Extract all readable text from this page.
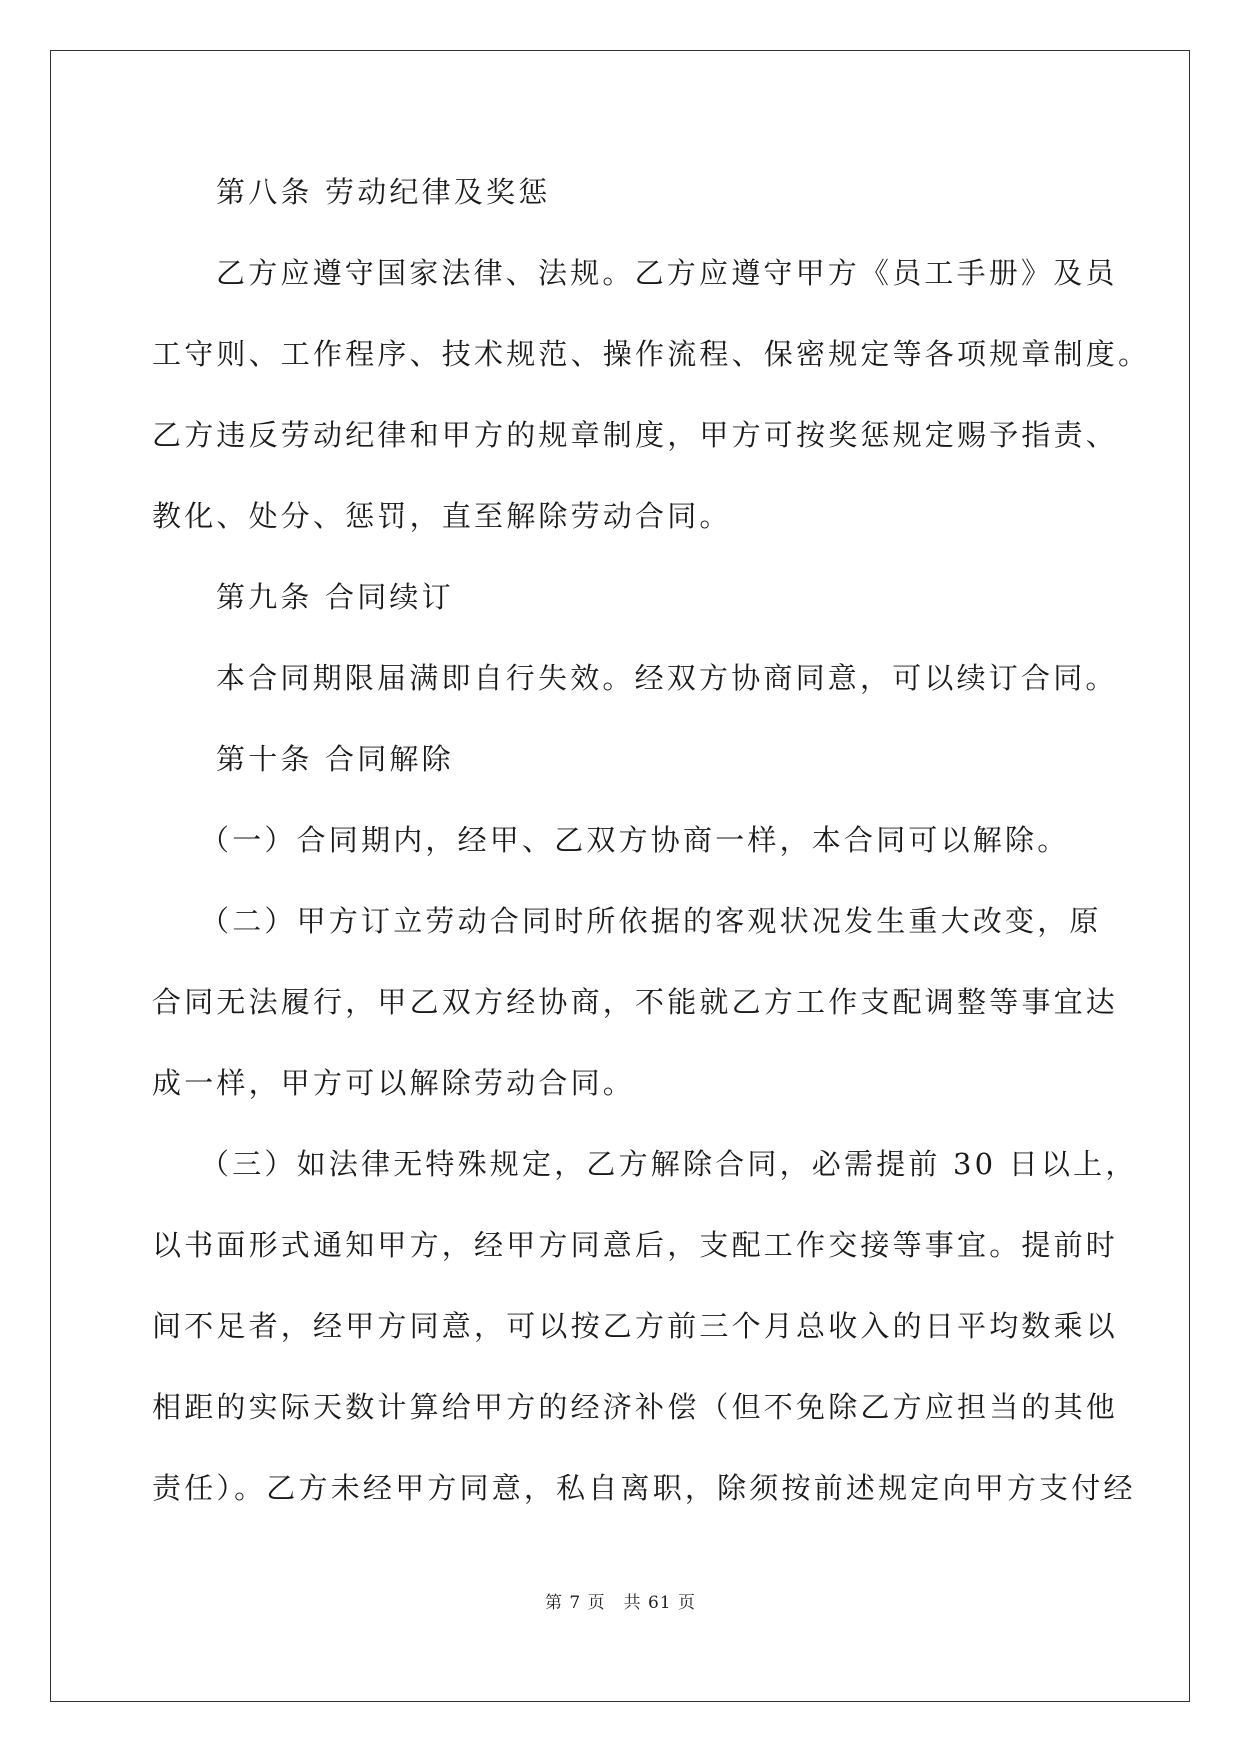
第八条 劳动纪律及奖惩
乙方应遵守国家法律、法规。乙方应遵守甲方《员工手册》及员
工守则、工作程序、技术规范、操作流程、保密规定等各项规章制度。
乙方违反劳动纪律和甲方的规章制度，甲方可按奖惩规定赐予指责、
教化、处分、惩罚，直至解除劳动合同。
第九条 合同续订
本合同期限届满即自行失效。经双方协商同意，可以续订合同。
第十条 合同解除
（一）合同期内，经甲、乙双方协商一样，本合同可以解除。
（二）甲方订立劳动合同时所依据的客观状况发生重大改变，原
合同无法履行，甲乙双方经协商，不能就乙方工作支配调整等事宜达
成一样，甲方可以解除劳动合同。
（三）如法律无特殊规定，乙方解除合同，必需提前 30 日以上，
以书面形式通知甲方，经甲方同意后，支配工作交接等事宜。提前时
间不足者，经甲方同意，可以按乙方前三个月总收入的日平均数乘以
相距的实际天数计算给甲方的经济补偿（但不免除乙方应担当的其他
责任）。乙方未经甲方同意，私自离职，除须按前述规定向甲方支付经
第 7 页　共 61 页
